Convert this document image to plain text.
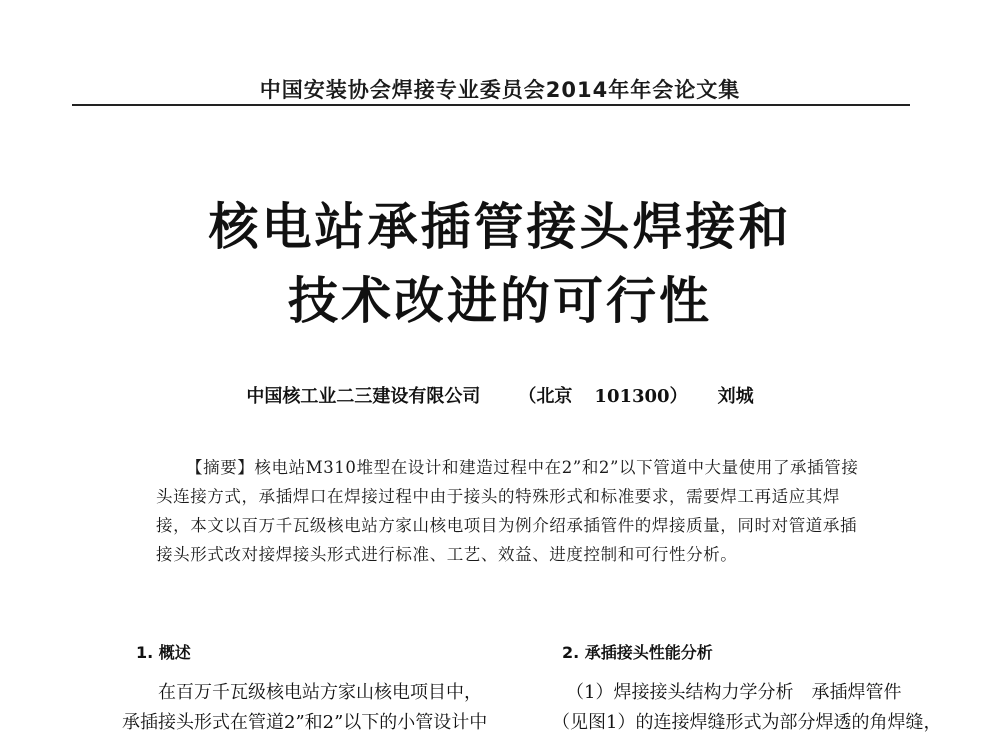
中国安装协会焊接专业委员会2014年年会论文集
核电站承插管接头焊接和
技术改进的可行性
中国核工业二三建设有限公司 （北京 101300） 刘城
【摘要】核电站M310堆型在设计和建造过程中在2”和2”以下管道中大量使用了承插管接
头连接方式，承插焊口在焊接过程中由于接头的特殊形式和标准要求，需要焊工再适应其焊
接，本文以百万千瓦级核电站方家山核电项目为例介绍承插管件的焊接质量，同时对管道承插
接头形式改对接焊接头形式进行标准、工艺、效益、进度控制和可行性分析。
1. 概述
在百万千瓦级核电站方家山核电项目中，
承插接头形式在管道2”和2”以下的小管设计中
2. 承插接头性能分析
（1）焊接接头结构力学分析　承插焊管件
（见图1）的连接焊缝形式为部分焊透的角焊缝，
